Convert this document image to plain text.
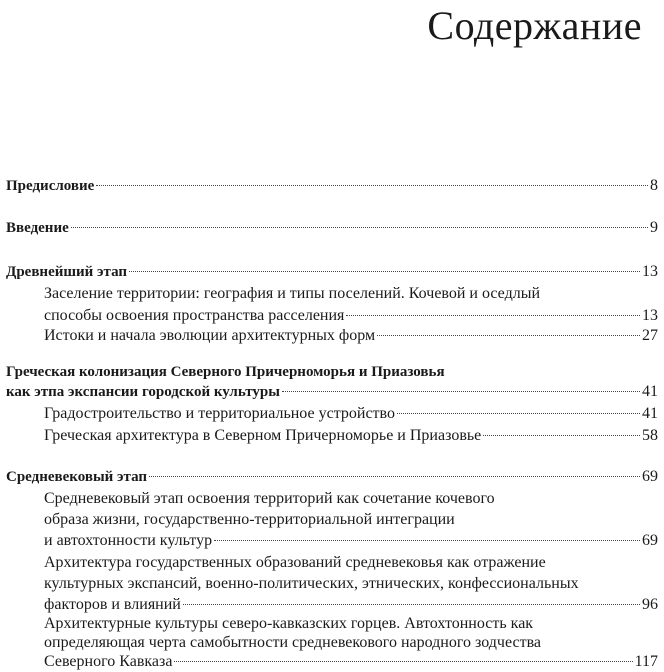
Содержание
Предисловие	8
Введение	9
Древнейший этап	13
Заселение территории: география и типы поселений. Кочевой и оседлый
способы освоения пространства расселения	13
Истоки и начала эволюции архитектурных форм	27
Греческая колонизация Северного Причерноморья и Приазовья
как этпа экспансии городской культуры	41
Градостроительство и территориальное устройство	41
Греческая архитектура в Северном Причерноморье и Приазовье	58
Средневековый этап	69
Средневековый этап освоения территорий как сочетание кочевого
образа жизни, государственно-территориальной интеграции
и автохтонности культур	69
Архитектура государственных образований средневековья как отражение
культурных экспансий, военно-политических, этнических, конфессиональных
факторов и влияний	96
Архитектурные культуры северо-кавказских горцев. Автохтонность как
определяющая черта самобытности средневекового народного зодчества
Северного Кавказа	117
